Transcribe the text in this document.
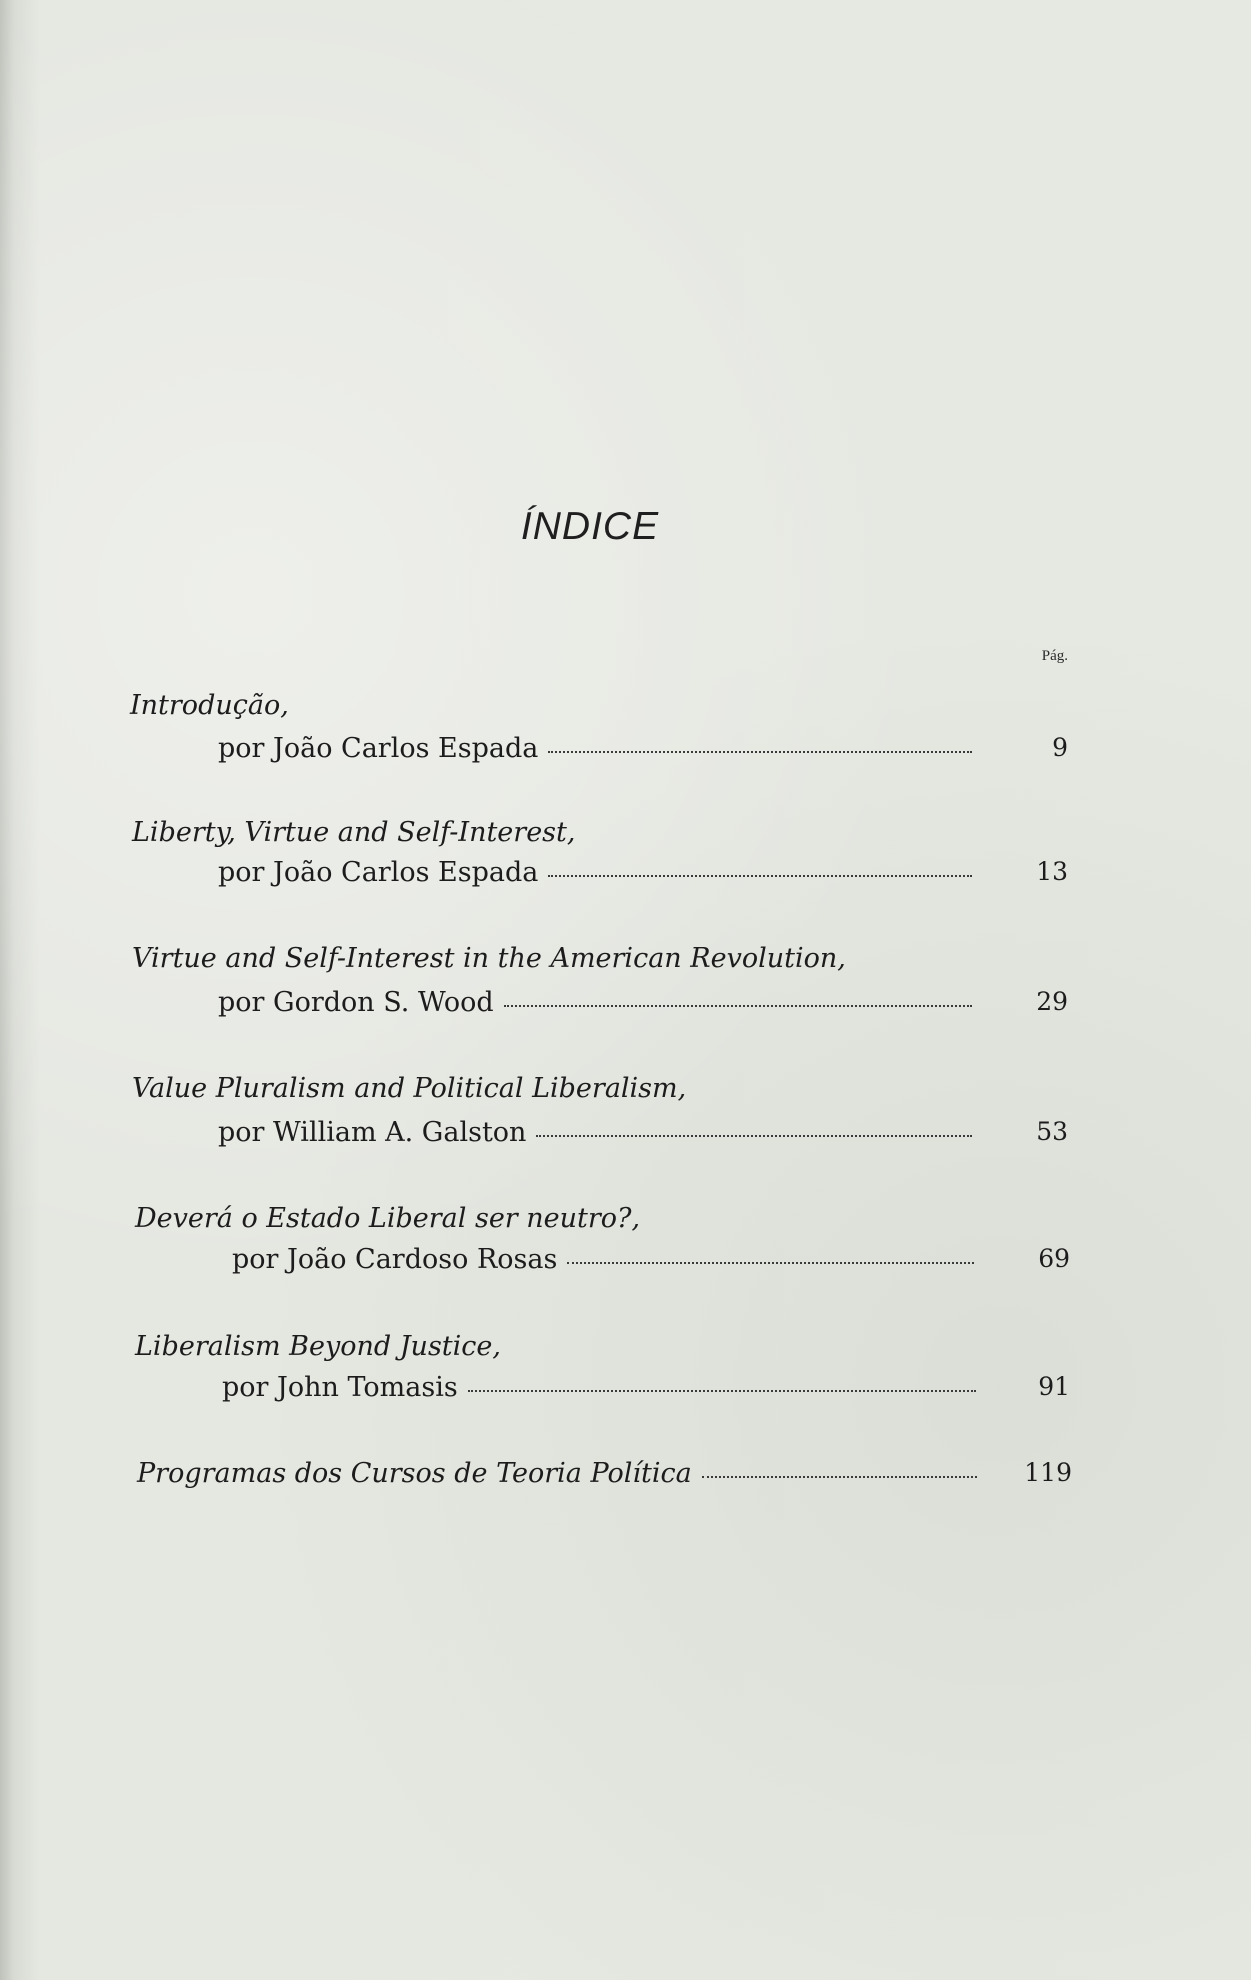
ÍNDICE
Pág.
Introdução,
por João Carlos Espada	9
Liberty, Virtue and Self-Interest,
por João Carlos Espada	13
Virtue and Self-Interest in the American Revolution,
por Gordon S. Wood	29
Value Pluralism and Political Liberalism,
por William A. Galston	53
Deverá o Estado Liberal ser neutro?,
por João Cardoso Rosas	69
Liberalism Beyond Justice,
por John Tomasis	91
Programas dos Cursos de Teoria Política	119
